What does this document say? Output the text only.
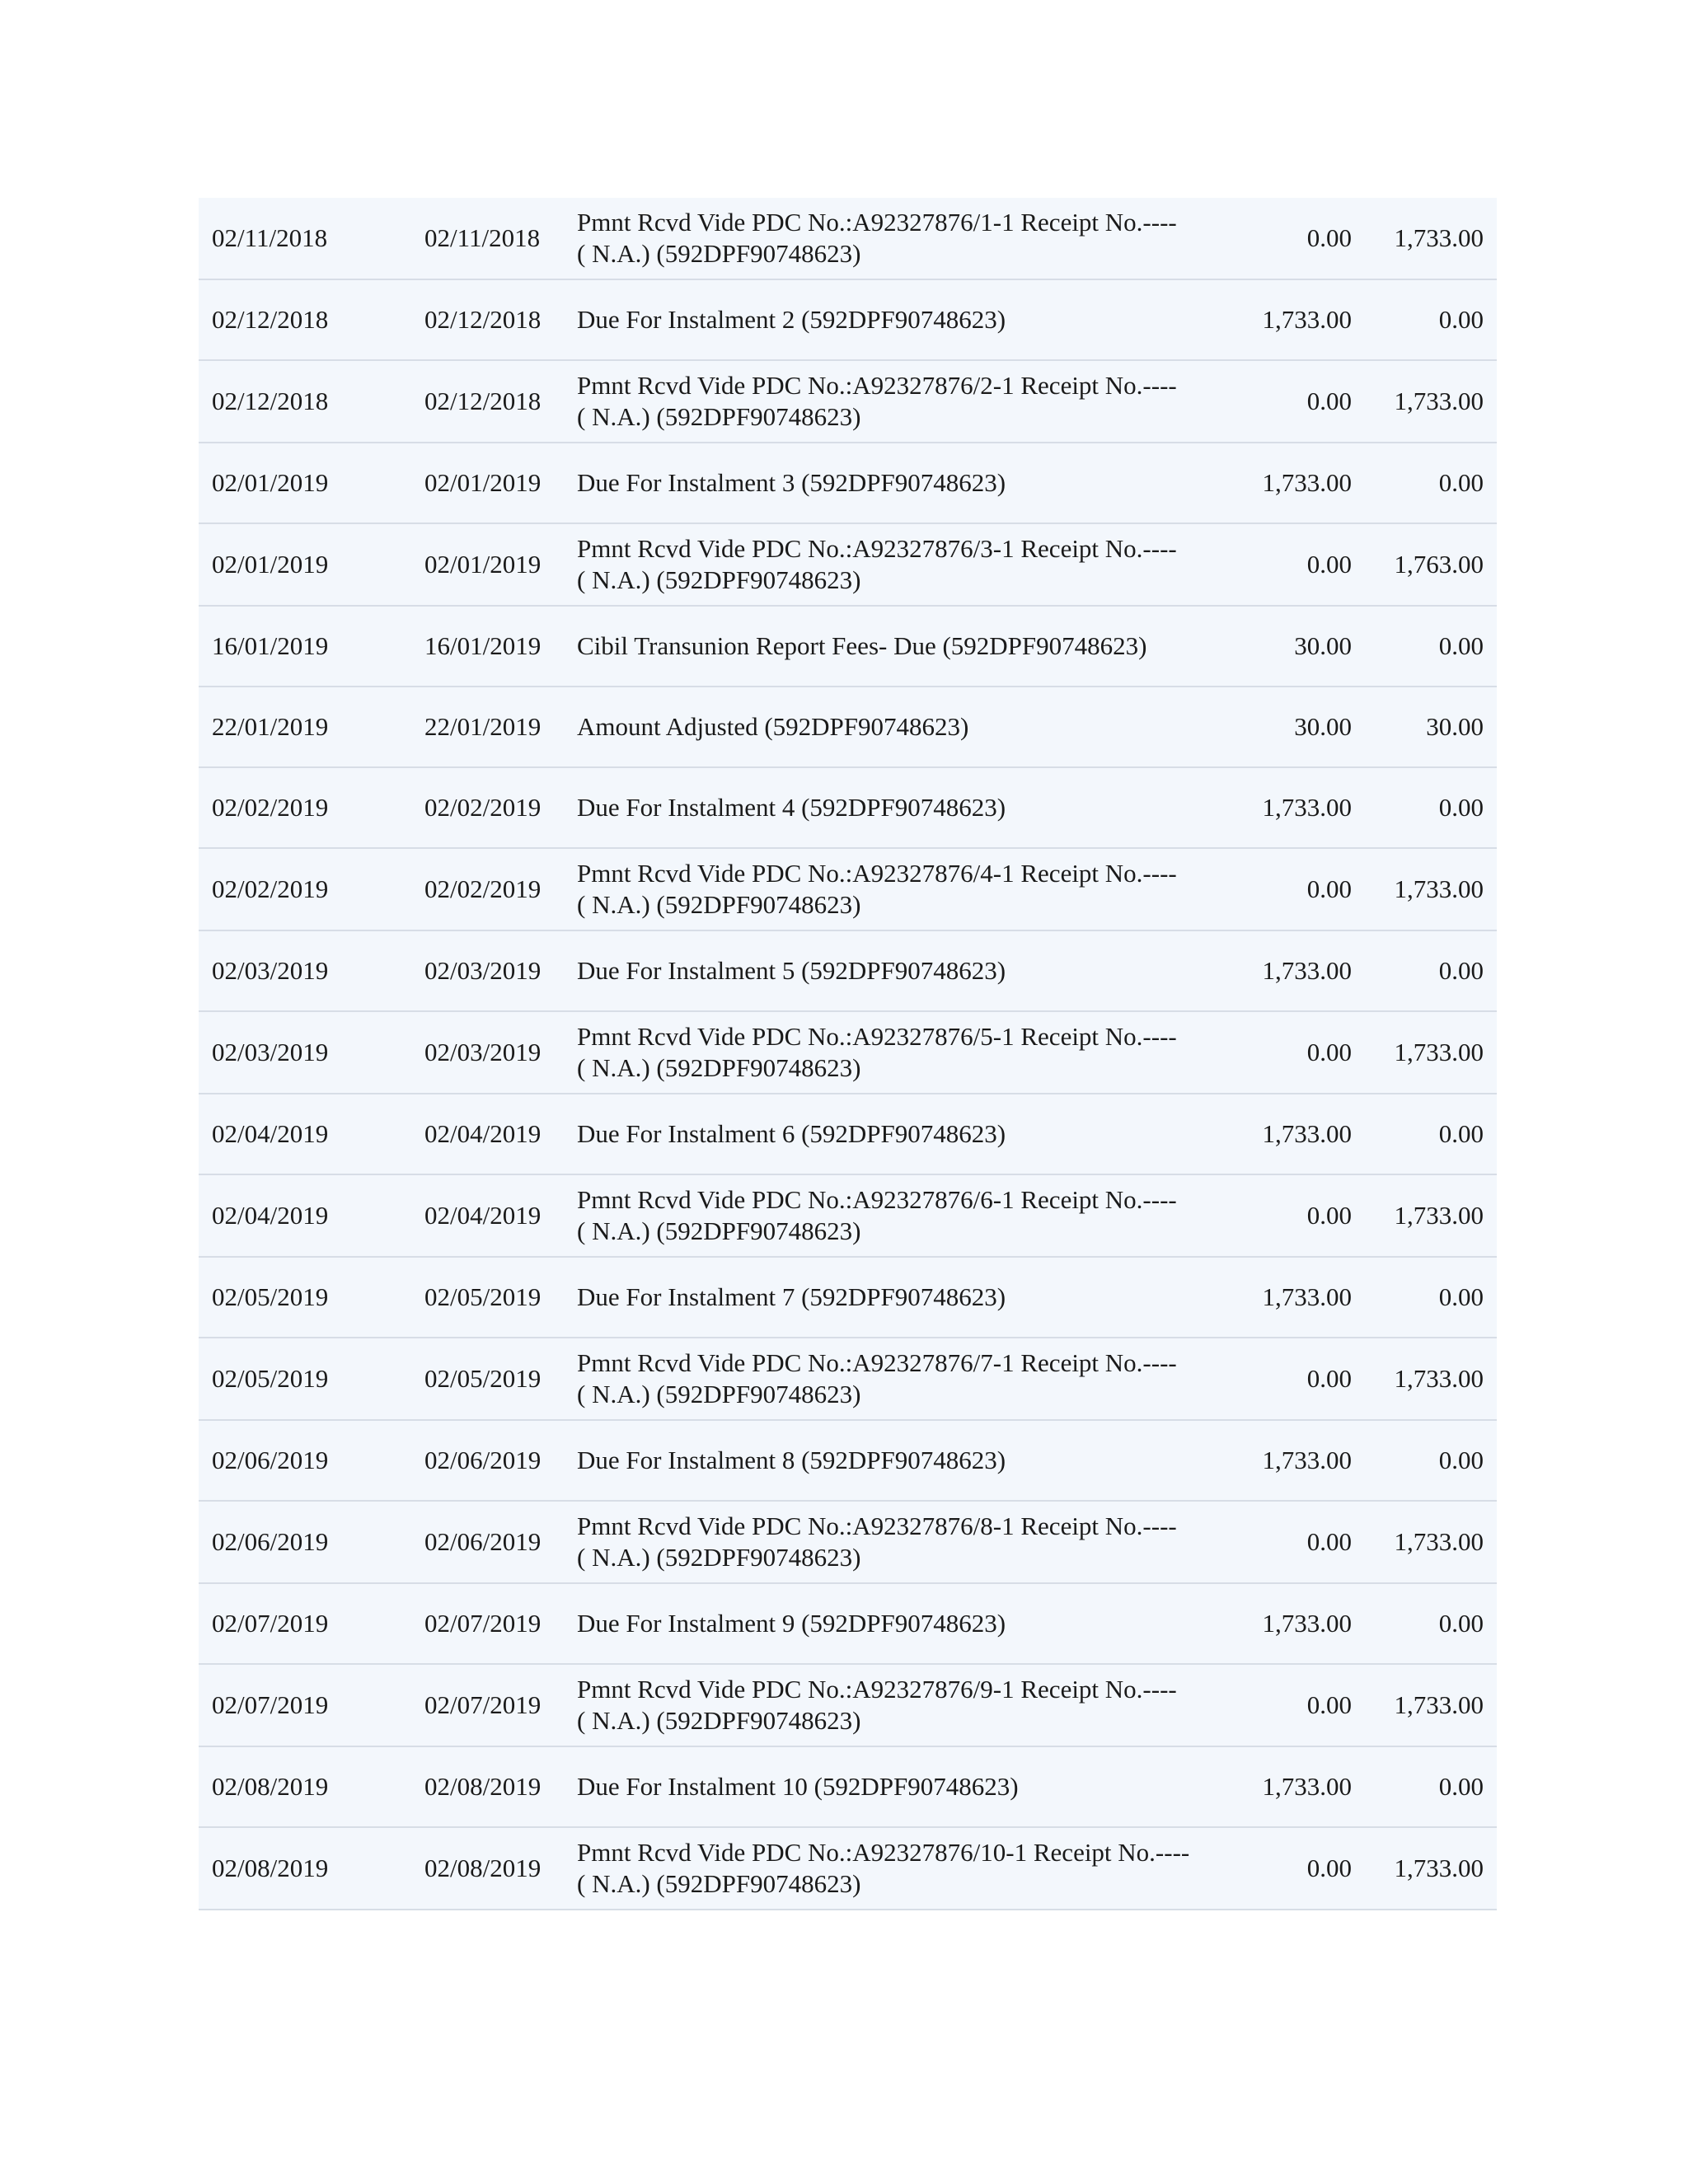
02/11/2018	02/11/2018	Pmnt Rcvd Vide PDC No.:A92327876/1-1 Receipt No.---- ( N.A.) (592DPF90748623)	0.00	1,733.00
02/12/2018	02/12/2018	Due For Instalment 2 (592DPF90748623)	1,733.00	0.00
02/12/2018	02/12/2018	Pmnt Rcvd Vide PDC No.:A92327876/2-1 Receipt No.---- ( N.A.) (592DPF90748623)	0.00	1,733.00
02/01/2019	02/01/2019	Due For Instalment 3 (592DPF90748623)	1,733.00	0.00
02/01/2019	02/01/2019	Pmnt Rcvd Vide PDC No.:A92327876/3-1 Receipt No.---- ( N.A.) (592DPF90748623)	0.00	1,763.00
16/01/2019	16/01/2019	Cibil Transunion Report Fees- Due (592DPF90748623)	30.00	0.00
22/01/2019	22/01/2019	Amount Adjusted (592DPF90748623)	30.00	30.00
02/02/2019	02/02/2019	Due For Instalment 4 (592DPF90748623)	1,733.00	0.00
02/02/2019	02/02/2019	Pmnt Rcvd Vide PDC No.:A92327876/4-1 Receipt No.---- ( N.A.) (592DPF90748623)	0.00	1,733.00
02/03/2019	02/03/2019	Due For Instalment 5 (592DPF90748623)	1,733.00	0.00
02/03/2019	02/03/2019	Pmnt Rcvd Vide PDC No.:A92327876/5-1 Receipt No.---- ( N.A.) (592DPF90748623)	0.00	1,733.00
02/04/2019	02/04/2019	Due For Instalment 6 (592DPF90748623)	1,733.00	0.00
02/04/2019	02/04/2019	Pmnt Rcvd Vide PDC No.:A92327876/6-1 Receipt No.---- ( N.A.) (592DPF90748623)	0.00	1,733.00
02/05/2019	02/05/2019	Due For Instalment 7 (592DPF90748623)	1,733.00	0.00
02/05/2019	02/05/2019	Pmnt Rcvd Vide PDC No.:A92327876/7-1 Receipt No.---- ( N.A.) (592DPF90748623)	0.00	1,733.00
02/06/2019	02/06/2019	Due For Instalment 8 (592DPF90748623)	1,733.00	0.00
02/06/2019	02/06/2019	Pmnt Rcvd Vide PDC No.:A92327876/8-1 Receipt No.---- ( N.A.) (592DPF90748623)	0.00	1,733.00
02/07/2019	02/07/2019	Due For Instalment 9 (592DPF90748623)	1,733.00	0.00
02/07/2019	02/07/2019	Pmnt Rcvd Vide PDC No.:A92327876/9-1 Receipt No.---- ( N.A.) (592DPF90748623)	0.00	1,733.00
02/08/2019	02/08/2019	Due For Instalment 10 (592DPF90748623)	1,733.00	0.00
02/08/2019	02/08/2019	Pmnt Rcvd Vide PDC No.:A92327876/10-1 Receipt No.---- ( N.A.) (592DPF90748623)	0.00	1,733.00
